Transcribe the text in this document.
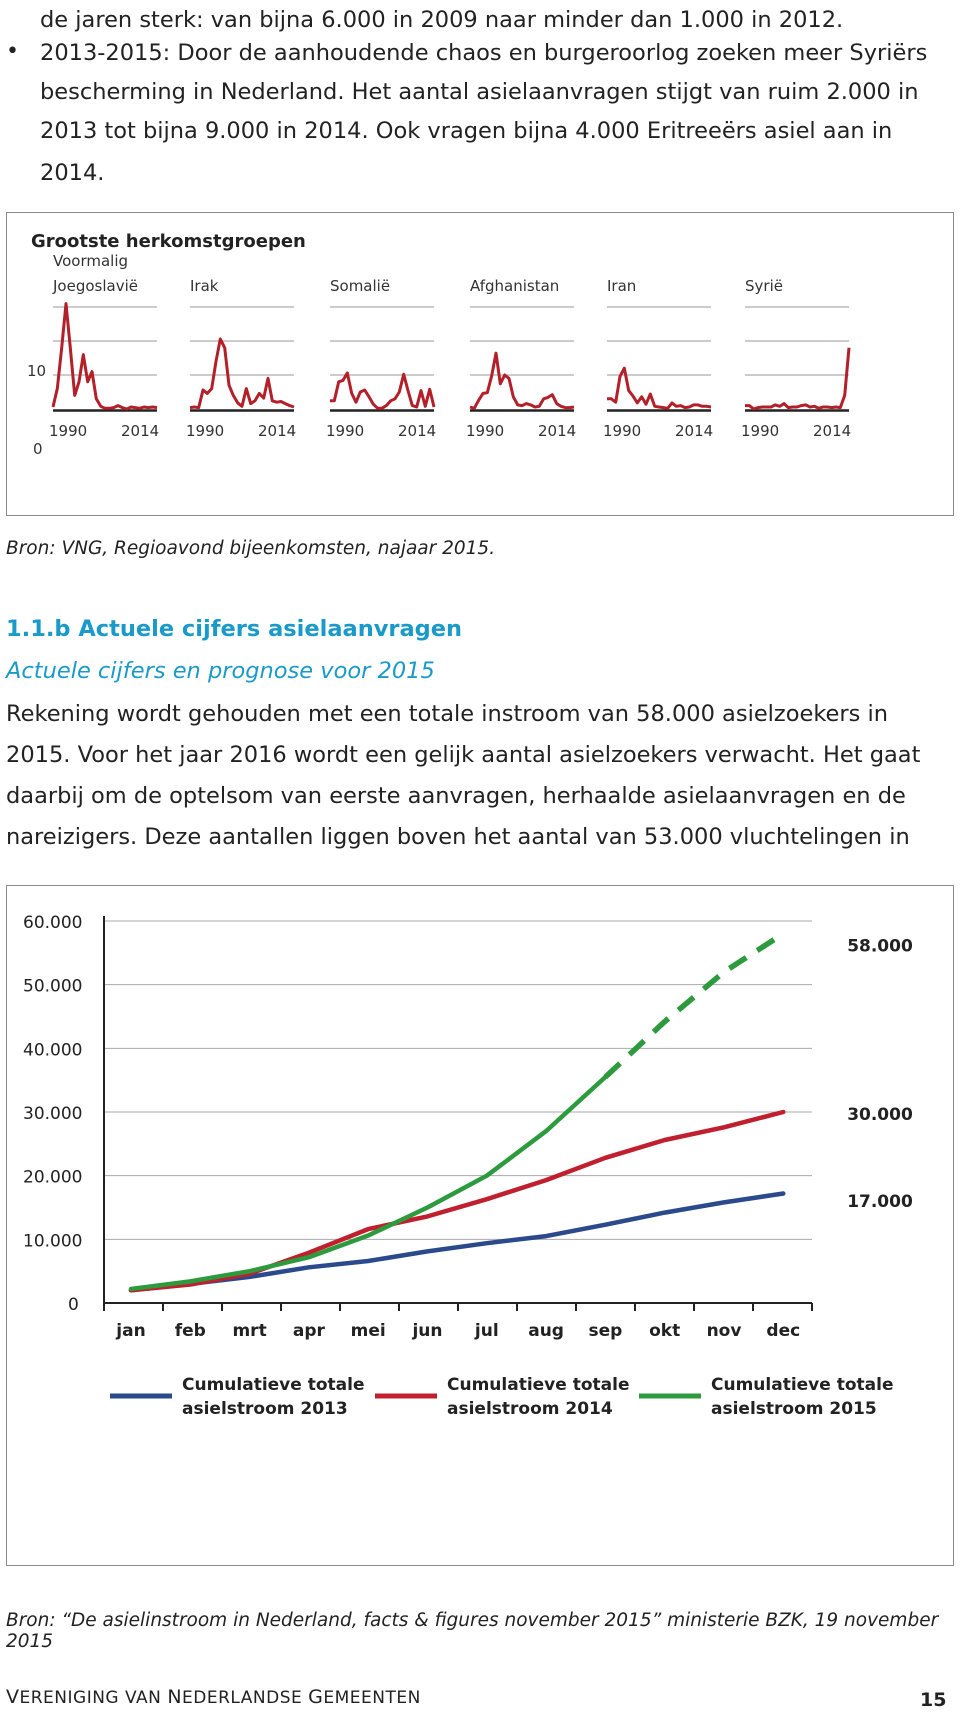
de jaren sterk: van bijna 6.000 in 2009 naar minder dan 1.000 in 2012.

• 2013-2015: Door de aanhoudende chaos en burgeroorlog zoeken meer Syriërs

bescherming in Nederland. Het aantal asielaanvragen stijgt van ruim 2.000 in

2013 tot bijna 9.000 in 2014. Ook vragen bijna 4.000 Eritreeërs asiel aan in 2014.

Grootste herkomstgroepen
10
0
Voormalig
Joegoslavië
1990 2014
Irak
1990 2014
Somalië
1990 2014
Afghanistan
1990 2014
Iran
1990 2014
Syrië
1990 2014
Bron: VNG, Regioavond bijeenkomsten, najaar 2015.
1.1.b Actuele cijfers asielaanvragen
Actuele cijfers en prognose voor 2015

Rekening wordt gehouden met een totale instroom van 58.000 asielzoekers in

2015. Voor het jaar 2016 wordt een gelijk aantal asielzoekers verwacht. Het gaat

daarbij om de optelsom van eerste aanvragen, herhaalde asielaanvragen en de

nareizigers. Deze aantallen liggen boven het aantal van 53.000 vluchtelingen in

0
10.000
20.000
30.000
40.000
50.000
60.000
jan feb mrt apr mei jun jul aug sep okt nov dec
58.000
30.000
17.000
Cumulatieve totale asielstroom 2013
Cumulatieve totale asielstroom 2014
Cumulatieve totale asielstroom 2015
Bron: “De asielinstroom in Nederland, facts & figures november 2015” ministerie BZK, 19 november 2015
VERENIGING VAN NEDERLANDSE GEMEENTEN	15
